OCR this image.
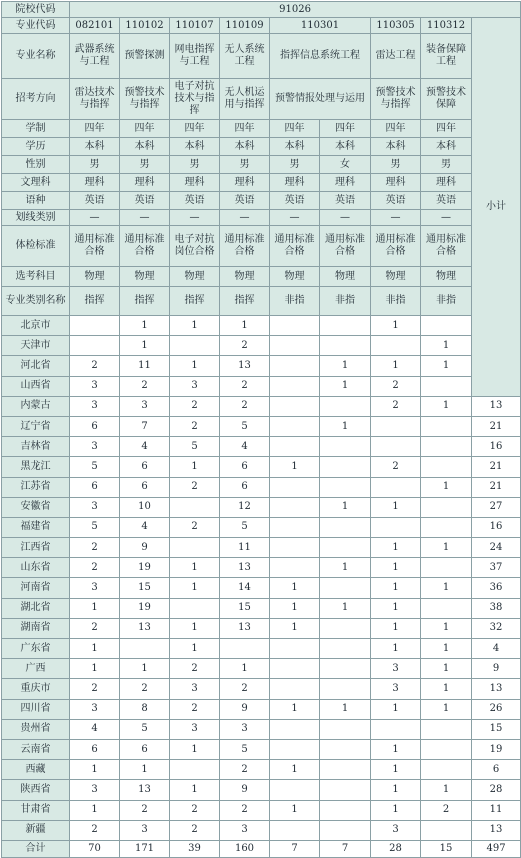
院校代码	91026									
专业代码	082101	110102	110107	110109	110301		110305	110312	小计	
专业名称	武器系统与工程	预警探测	网电指挥与工程	无人系统工程	指挥信息系统工程		雷达工程	装备保障工程		
招考方向	雷达技术与指挥	预警技术与指挥	电子对抗技术与指挥	无人机运用与指挥	预警情报处理与运用		预警技术与指挥	预警技术保障		
学制	四年	四年	四年	四年	四年	四年	四年	四年		
学历	本科	本科	本科	本科	本科	本科	本科	本科		
性别	男	男	男	男	男	女	男	男		
文理科	理科	理科	理科	理科	理科	理科	理科	理科		
语种	英语	英语	英语	英语	英语	英语	英语	英语		
划线类别	—	—	—	—	—	—	—	—		
体检标准	通用标准合格	通用标准合格	电子对抗岗位合格	通用标准合格	通用标准合格	通用标准合格	通用标准合格	通用标准合格		
选考科目	物理	物理	物理	物理	物理	物理	物理	物理		
专业类别名称	指挥	指挥	指挥	指挥	非指	非指	非指	非指		
北京市		1	1	1			1		
天津市		1		2				1	
河北省	2	11	1	13		1	1	1	
山西省	3	2	3	2		1	2		
内蒙古	3	3	2	2			2	1	13	
辽宁省	6	7	2	5		1			21	
吉林省	3	4	5	4					16	
黑龙江	5	6	1	6	1		2		21	
江苏省	6	6	2	6				1	21	
安徽省	3	10		12		1	1		27	
福建省	5	4	2	5					16	
江西省	2	9		11			1	1	24	
山东省	2	19	1	13		1	1		37	
河南省	3	15	1	14	1		1	1	36	
湖北省	1	19		15	1	1	1		38	
湖南省	2	13	1	13	1		1	1	32	
广东省	1		1				1	1	4	
广西	1	1	2	1			3	1	9	
重庆市	2	2	3	2			3	1	13	
四川省	3	8	2	9	1	1	1	1	26	
贵州省	4	5	3	3					15	
云南省	6	6	1	5			1		19	
西藏	1	1		2	1		1		6	
陕西省	3	13	1	9			1	1	28	
甘肃省	1	2	2	2	1		1	2	11	
新疆	2	3	2	3			3		13	
合计	70	171	39	160	7	7	28	15	497	
